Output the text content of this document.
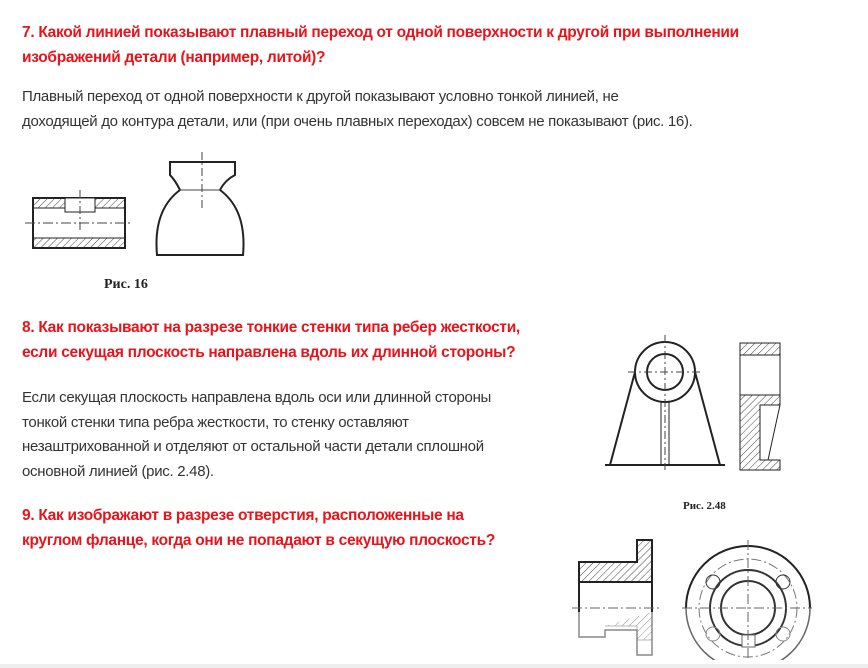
7. Какой линией показывают плавный переход от одной поверхности к другой при выполнении
изображений детали (например, литой)?
Плавный переход от одной поверхности к другой показывают условно тонкой линией, не
доходящей до контура детали, или (при очень плавных переходах) совсем не показывают (рис. 16).
Рис. 16
8. Как показывают на разрезе тонкие стенки типа ребер жесткости,
если секущая плоскость направлена вдоль их длинной стороны?
Если секущая плоскость направлена вдоль оси или длинной стороны
тонкой стенки типа ребра жесткости, то стенку оставляют
незаштрихованной и отделяют от остальной части детали сплошной
основной линией (рис. 2.48).
Рис. 2.48
9. Как изображают в разрезе отверстия, расположенные на
круглом фланце, когда они не попадают в секущую плоскость?
